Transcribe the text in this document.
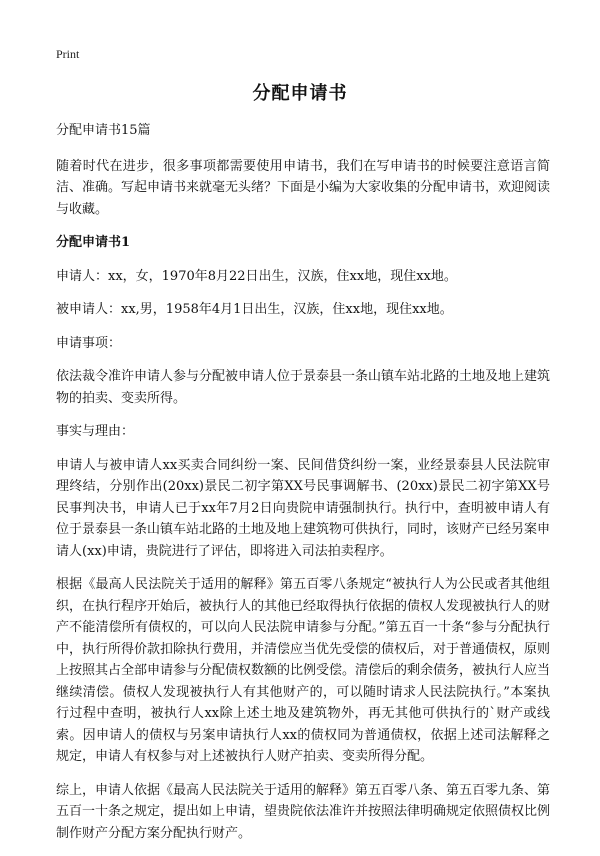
Print
分配申请书

分配申请书15篇

随着时代在进步，很多事项都需要使用申请书，我们在写申请书的时候要注意语言简洁、准确。写起申请书来就毫无头绪？下面是小编为大家收集的分配申请书，欢迎阅读与收藏。

分配申请书1

申请人：xx，女，1970年8月22日出生，汉族，住xx地，现住xx地。

被申请人：xx,男，1958年4月1日出生，汉族，住xx地，现住xx地。

申请事项：

依法裁令准许申请人参与分配被申请人位于景泰县一条山镇车站北路的土地及地上建筑物的拍卖、变卖所得。

事实与理由：

申请人与被申请人xx买卖合同纠纷一案、民间借贷纠纷一案，业经景泰县人民法院审理终结，分别作出(20xx)景民二初字第XX号民事调解书、(20xx)景民二初字第XX号民事判决书，申请人已于xx年7月2日向贵院申请强制执行。执行中，查明被申请人有位于景泰县一条山镇车站北路的土地及地上建筑物可供执行，同时，该财产已经另案申请人(xx)申请，贵院进行了评估，即将进入司法拍卖程序。

根据《最高人民法院关于适用的解释》第五百零八条规定“被执行人为公民或者其他组织，在执行程序开始后，被执行人的其他已经取得执行依据的债权人发现被执行人的财产不能清偿所有债权的，可以向人民法院申请参与分配。”第五百一十条“参与分配执行中，执行所得价款扣除执行费用，并清偿应当优先受偿的债权后，对于普通债权，原则上按照其占全部申请参与分配债权数额的比例受偿。清偿后的剩余债务，被执行人应当继续清偿。债权人发现被执行人有其他财产的，可以随时请求人民法院执行。”本案执行过程中查明，被执行人xx除上述土地及建筑物外，再无其他可供执行的`财产或线索。因申请人的债权与另案申请执行人xx的债权同为普通债权，依据上述司法解释之规定，申请人有权参与对上述被执行人财产拍卖、变卖所得分配。

综上，申请人依据《最高人民法院关于适用的解释》第五百零八条、第五百零九条、第五百一十条之规定，提出如上申请，望贵院依法准许并按照法律明确规定依照债权比例制作财产分配方案分配执行财产。
